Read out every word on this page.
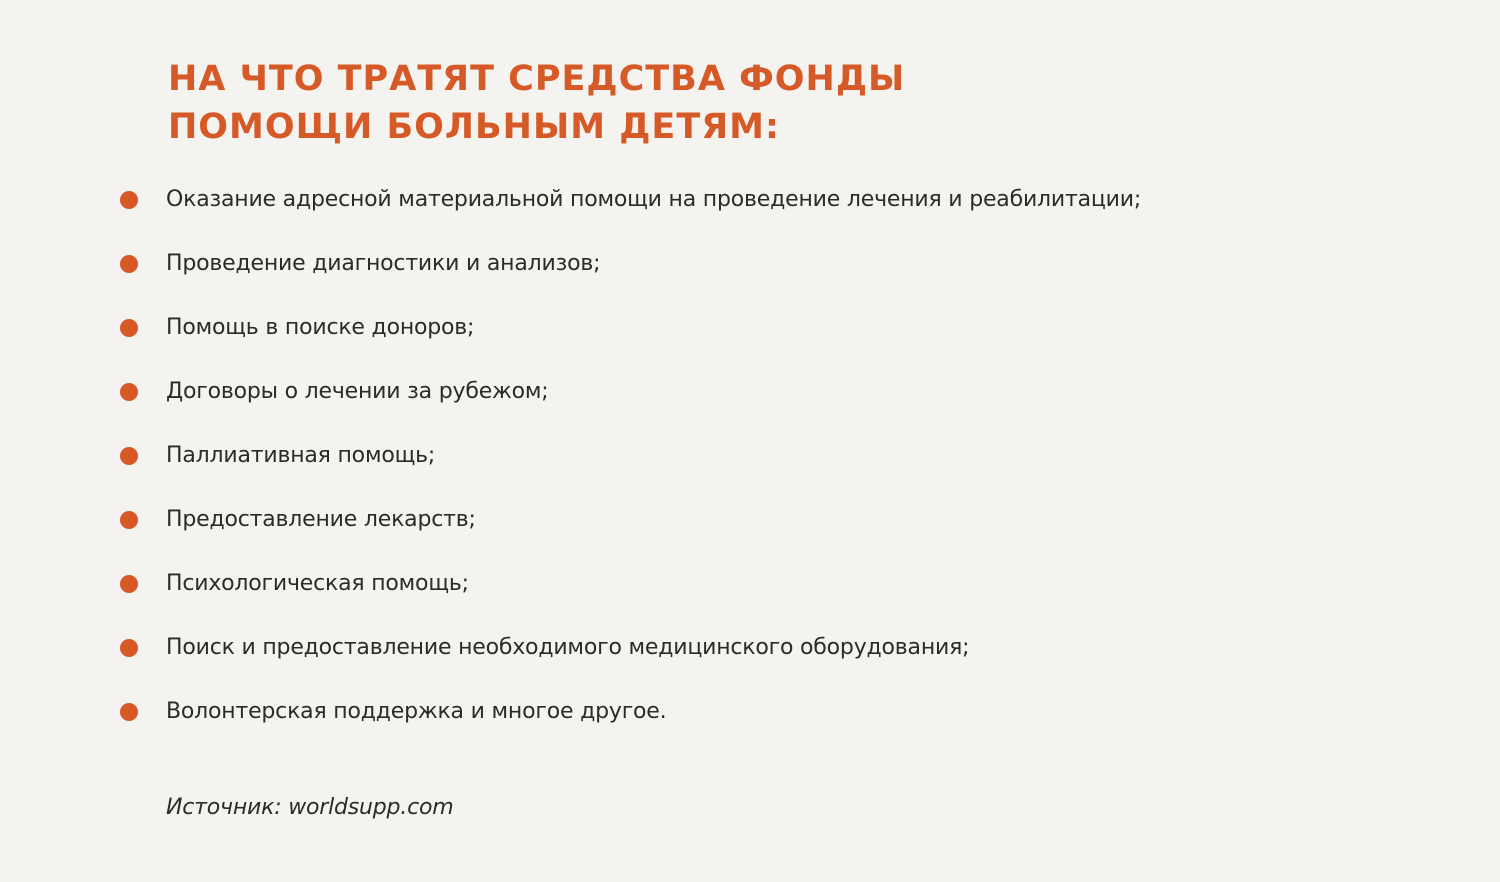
НА ЧТО ТРАТЯТ СРЕДСТВА ФОНДЫ
ПОМОЩИ БОЛЬНЫМ ДЕТЯМ:
Оказание адресной материальной помощи на проведение лечения и реабилитации;
Проведение диагностики и анализов;
Помощь в поиске доноров;
Договоры о лечении за рубежом;
Паллиативная помощь;
Предоставление лекарств;
Психологическая помощь;
Поиск и предоставление необходимого медицинского оборудования;
Волонтерская поддержка и многое другое.
Источник: worldsupp.com
